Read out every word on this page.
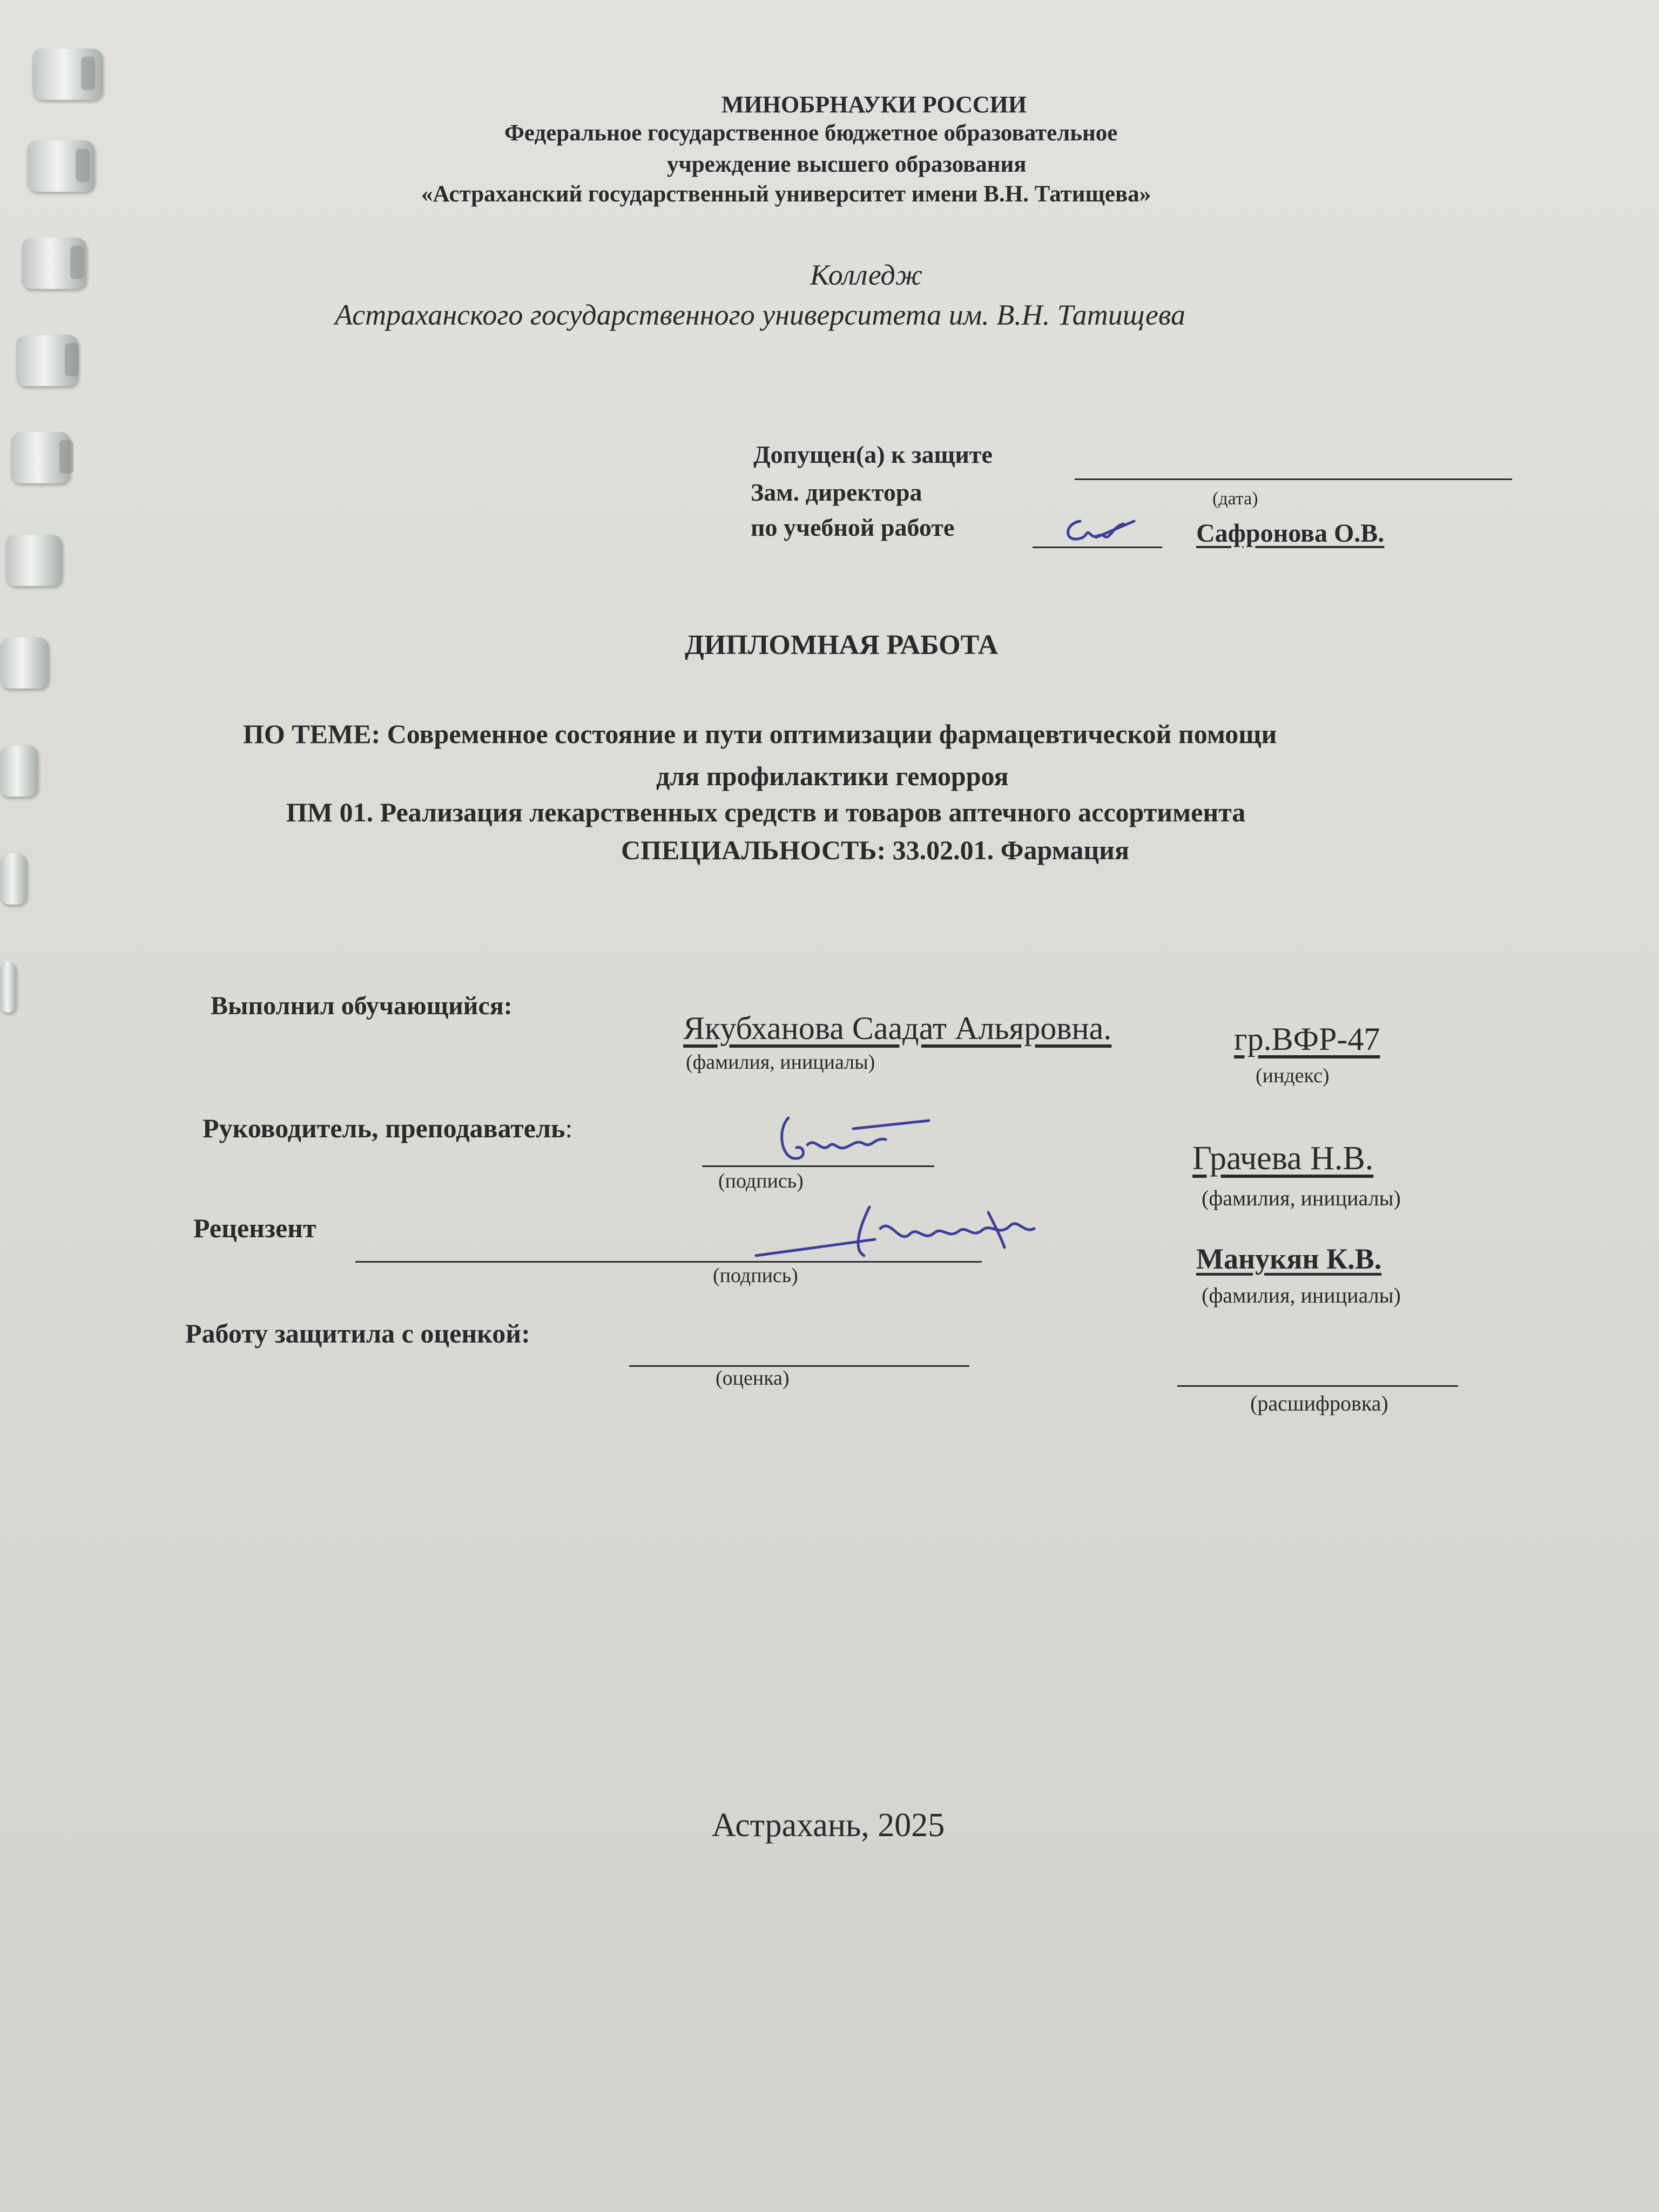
МИНОБРНАУКИ РОССИИ
Федеральное государственное бюджетное образовательное
учреждение высшего образования
«Астраханский государственный университет имени В.Н. Татищева»
Колледж
Астраханского государственного университета им. В.Н. Татищева
Допущен(а) к защите
(дата)
Зам. директора
по учебной работе	Сафронова О.В.
ДИПЛОМНАЯ РАБОТА
ПО ТЕМЕ: Современное состояние и пути оптимизации фармацевтической помощи
для профилактики геморроя
ПМ 01. Реализация лекарственных средств и товаров аптечного ассортимента
СПЕЦИАЛЬНОСТЬ: 33.02.01. Фармация
Выполнил обучающийся:
Якубханова Саадат Альяровна.
(фамилия, инициалы)
гр.ВФР-47
(индекс)
Руководитель, преподаватель:
(подпись)
Грачева Н.В.
(фамилия, инициалы)
Рецензент
(подпись)
Манукян К.В.
(фамилия, инициалы)
Работу защитила с оценкой:
(оценка)
(расшифровка)
Астрахань, 2025
